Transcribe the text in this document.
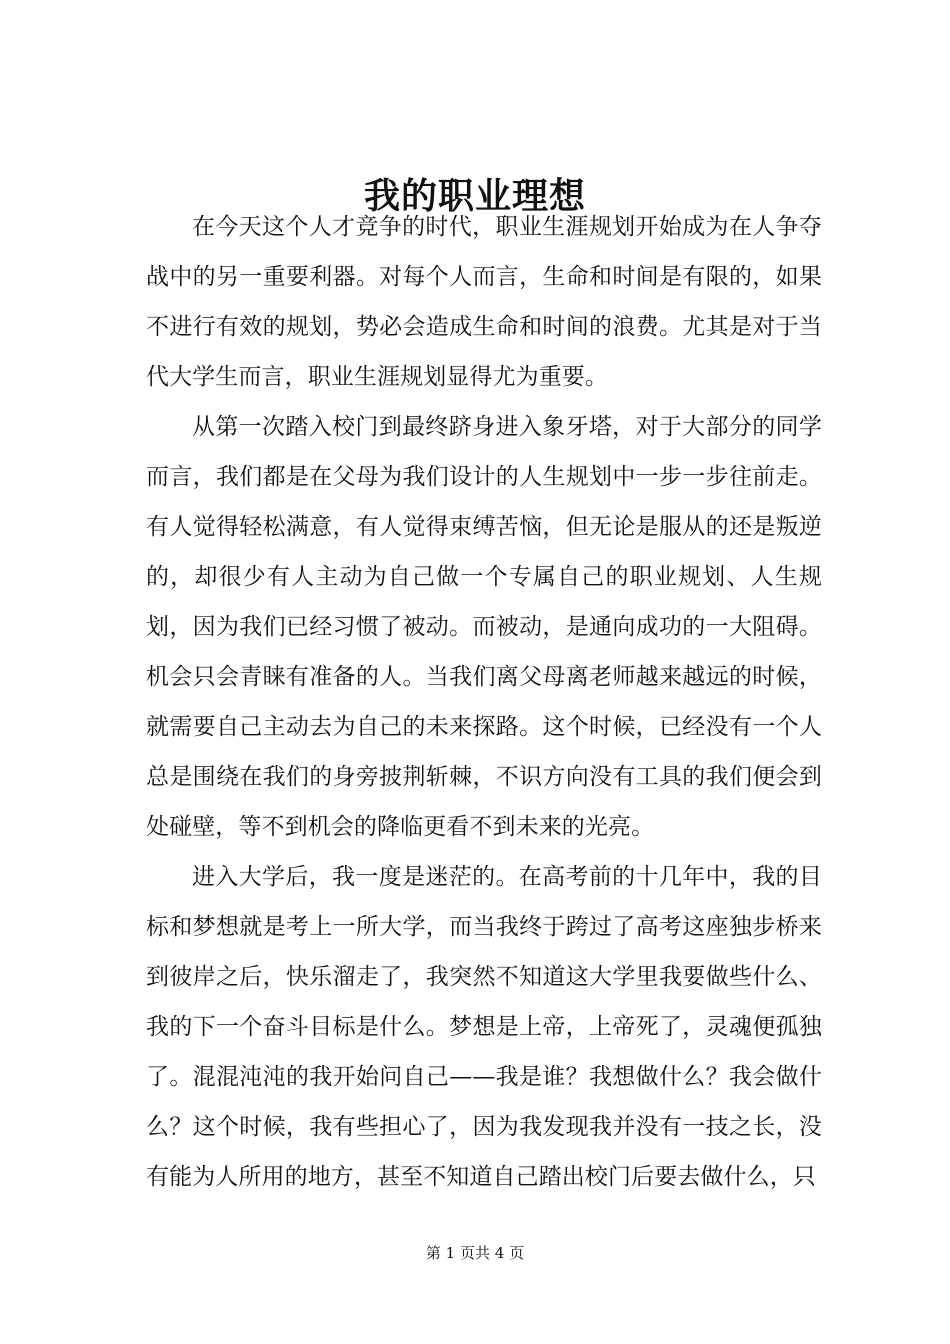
我的职业理想

在今天这个人才竞争的时代，职业生涯规划开始成为在人争夺战中的另一重要利器。对每个人而言，生命和时间是有限的，如果不进行有效的规划，势必会造成生命和时间的浪费。尤其是对于当代大学生而言，职业生涯规划显得尤为重要。

从第一次踏入校门到最终跻身进入象牙塔，对于大部分的同学而言，我们都是在父母为我们设计的人生规划中一步一步往前走。有人觉得轻松满意，有人觉得束缚苦恼，但无论是服从的还是叛逆的，却很少有人主动为自己做一个专属自己的职业规划、人生规划，因为我们已经习惯了被动。而被动，是通向成功的一大阻碍。机会只会青睐有准备的人。当我们离父母离老师越来越远的时候，就需要自己主动去为自己的未来探路。这个时候，已经没有一个人总是围绕在我们的身旁披荆斩棘，不识方向没有工具的我们便会到处碰壁，等不到机会的降临更看不到未来的光亮。

进入大学后，我一度是迷茫的。在高考前的十几年中，我的目标和梦想就是考上一所大学，而当我终于跨过了高考这座独步桥来到彼岸之后，快乐溜走了，我突然不知道这大学里我要做些什么、我的下一个奋斗目标是什么。梦想是上帝，上帝死了，灵魂便孤独了。混混沌沌的我开始问自己——我是谁？我想做什么？我会做什么？这个时候，我有些担心了，因为我发现我并没有一技之长，没有能为人所用的地方，甚至不知道自己踏出校门后要去做什么，只

第 1 页共 4 页
